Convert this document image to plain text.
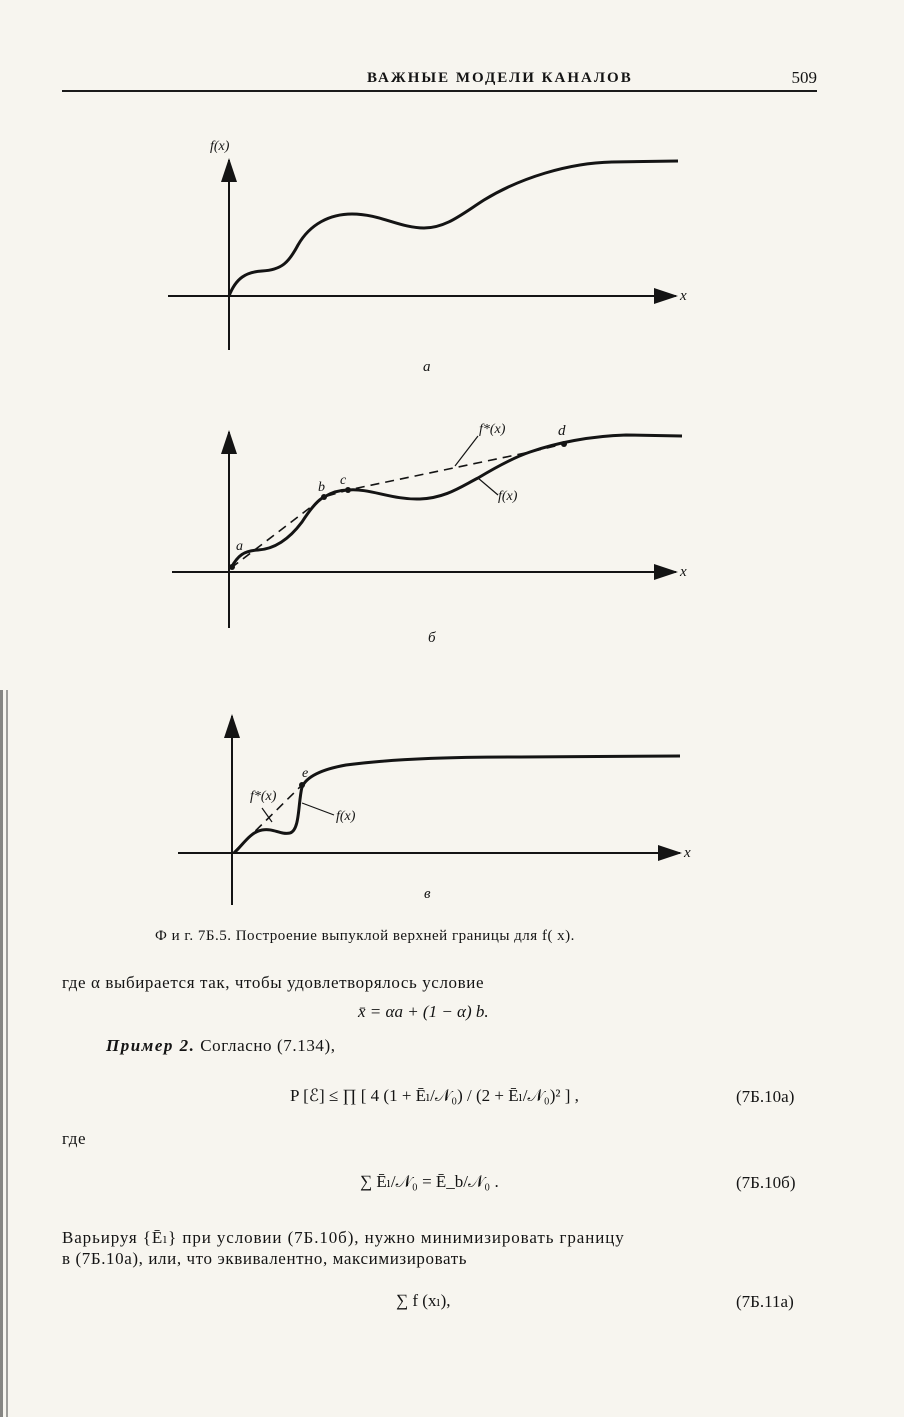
ВАЖНЫЕ МОДЕЛИ КАНАЛОВ	509
f(x)
x
а
a
b c
d
f*(x)
f(x)
x
б
e
f*(x)
f(x)
x
в
Ф и г. 7Б.5. Построение выпуклой верхней границы для f( x).
где α выбирается так, чтобы удовлетворялось условие
x̄ = αa + (1 − α) b.
Пример 2. Согласно (7.134),
P [ℰ] ≤ ∏ [ 4 (1 + Ēₗ/𝒩₀) / (2 + Ēₗ/𝒩₀)² ] ,	(7Б.10а)
где
∑ Ēₗ/𝒩₀ = Ē_b/𝒩₀ .	(7Б.10б)
Варьируя {Ēₗ} при условии (7Б.10б), нужно минимизировать границу
в (7Б.10а), или, что эквивалентно, максимизировать
∑ f (xₗ),	(7Б.11а)
